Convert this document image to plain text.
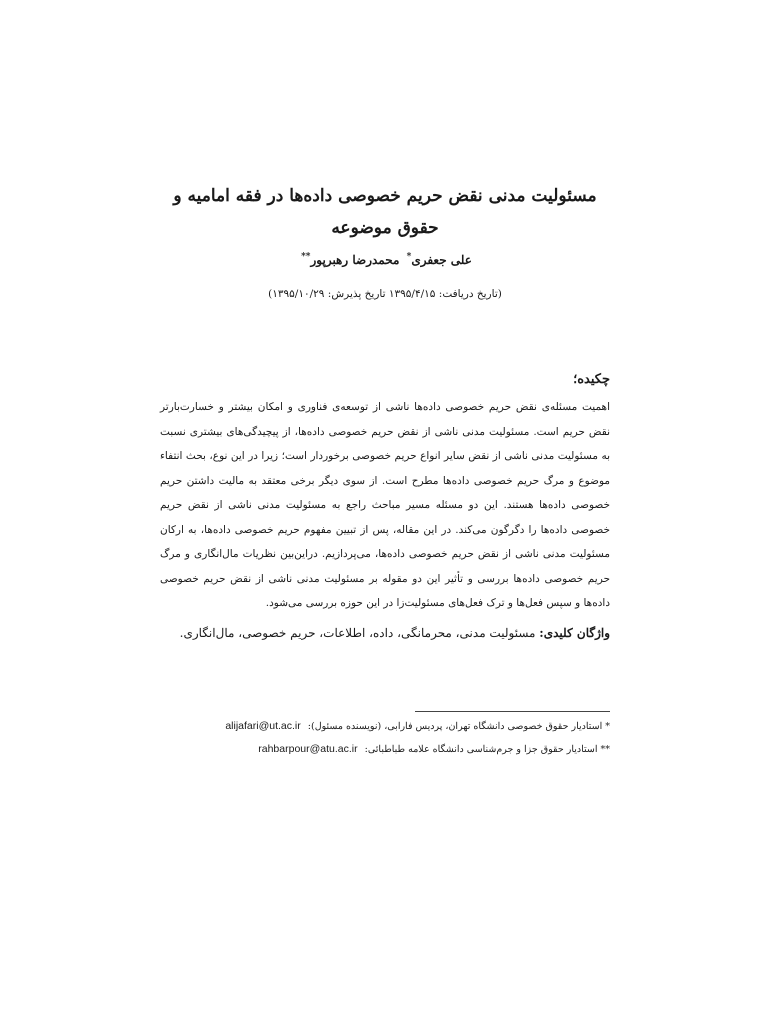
مسئولیت مدنی نقض حریم خصوصی داده‌ها در فقه امامیه و حقوق موضوعه
علی جعفری* محمدرضا رهبرپور**
(تاریخ دریافت: ۱۳۹۵/۴/۱۵ تاریخ پذیرش: ۱۳۹۵/۱۰/۲۹)
چکیده؛
اهمیت مسئله‌ی نقض حریم خصوصی داده‌ها ناشی از توسعه‌ی فناوری و امکان بیشتر و خسارت‌بارتر نقض حریم است. مسئولیت مدنی ناشی از نقض حریم خصوصی داده‌ها، از پیچیدگی‌های بیشتری نسبت به مسئولیت مدنی ناشی از نقض سایر انواع حریم خصوصی برخوردار است؛ زیرا در این نوع، بحث انتفاء موضوع و مرگ حریم خصوصی داده‌ها مطرح است. از سوی دیگر برخی معتقد به مالیت داشتن حریم خصوصی داده‌ها هستند. این دو مسئله مسیر مباحث راجع به مسئولیت مدنی ناشی از نقض حریم خصوصی داده‌ها را دگرگون می‌کند. در این مقاله، پس از تبیین مفهوم حریم خصوصی داده‌ها، به ارکان مسئولیت مدنی ناشی از نقض حریم خصوصی داده‌ها، می‌پردازیم. دراین‌بین نظریات مال‌انگاری و مرگ حریم خصوصی داده‌ها بررسی و تأثیر این دو مقوله بر مسئولیت مدنی ناشی از نقض حریم خصوصی داده‌ها و سپس فعل‌ها و ترک فعل‌های مسئولیت‌زا در این حوزه بررسی می‌شود.
واژگان کلیدی: مسئولیت مدنی، محرمانگی، داده، اطلاعات، حریم خصوصی، مال‌انگاری.
* استادیار حقوق خصوصی دانشگاه تهران، پردیس فارابی، (نویسنده مسئول): alijafari@ut.ac.ir
** استادیار حقوق جزا و جرم‌شناسی دانشگاه علامه طباطبائی: rahbarpour@atu.ac.ir
